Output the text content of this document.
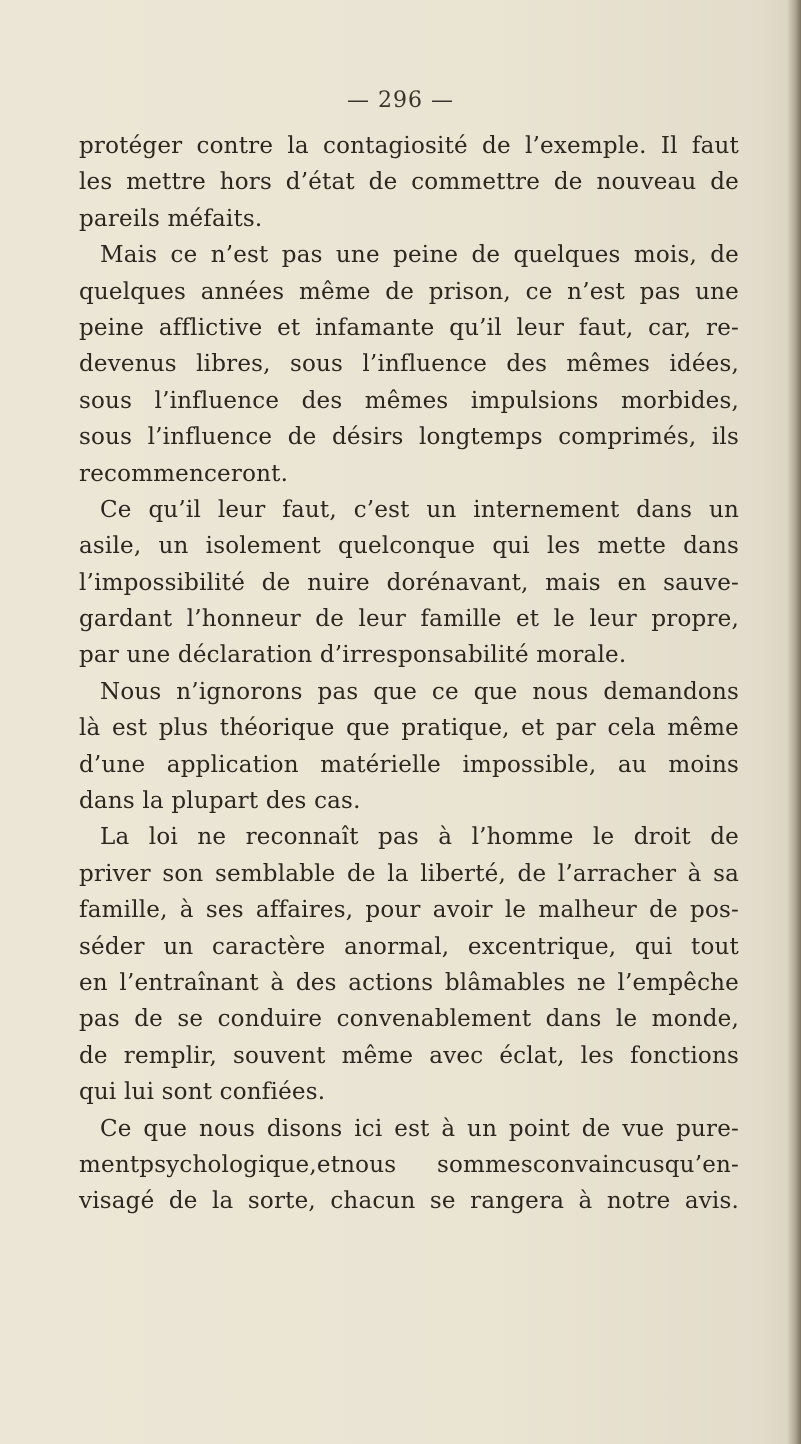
— 296 —
protéger contre la contagiosité de l’exemple. Il faut
les mettre hors d’état de commettre de nouveau de
pareils méfaits.
Mais ce n’est pas une peine de quelques mois, de
quelques années même de prison, ce n’est pas une
peine afflictive et infamante qu’il leur faut, car, re-
devenus libres, sous l’influence des mêmes idées,
sous l’influence des mêmes impulsions morbides,
sous l’influence de désirs longtemps comprimés, ils
recommenceront.
Ce qu’il leur faut, c’est un internement dans un
asile, un isolement quelconque qui les mette dans
l’impossibilité de nuire dorénavant, mais en sauve-
gardant l’honneur de leur famille et le leur propre,
par une déclaration d’irresponsabilité morale.
Nous n’ignorons pas que ce que nous demandons
là est plus théorique que pratique, et par cela même
d’une application matérielle impossible, au moins
dans la plupart des cas.
La loi ne reconnaît pas à l’homme le droit de
priver son semblable de la liberté, de l’arracher à sa
famille, à ses affaires, pour avoir le malheur de pos-
séder un caractère anormal, excentrique, qui tout
en l’entraînant à des actions blâmables ne l’empêche
pas de se conduire convenablement dans le monde,
de remplir, souvent même avec éclat, les fonctions
qui lui sont confiées.
Ce que nous disons ici est à un point de vue pure-
mentpsychologique,etnous sommesconvaincusqu’en-
visagé de la sorte, chacun se rangera à notre avis.
